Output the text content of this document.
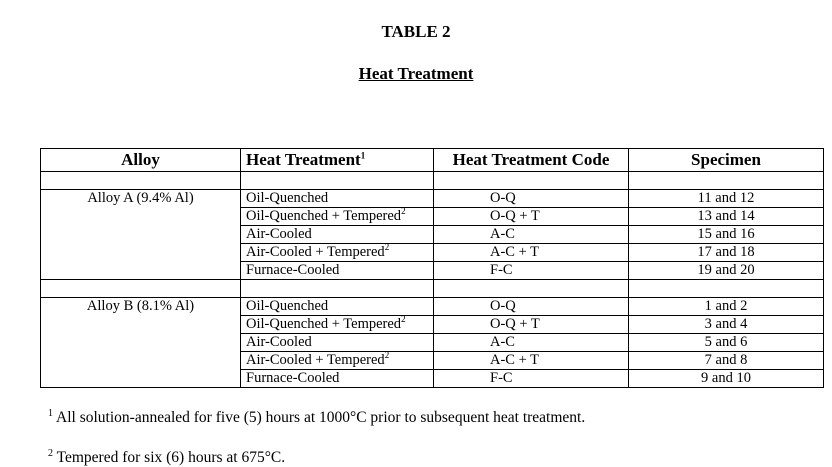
TABLE 2
Heat Treatment
Alloy	Heat Treatment$^1$	Heat Treatment Code	Specimen

Alloy A (9.4% Al)	Oil-Quenched	O-Q	11 and 12
	Oil-Quenched + Tempered$^2$	O-Q + T	13 and 14
	Air-Cooled	A-C	15 and 16
	Air-Cooled + Tempered$^2$	A-C + T	17 and 18
	Furnace-Cooled	F-C	19 and 20

Alloy B (8.1% Al)	Oil-Quenched	O-Q	1 and 2
	Oil-Quenched + Tempered$^2$	O-Q + T	3 and 4
	Air-Cooled	A-C	5 and 6
	Air-Cooled + Tempered$^2$	A-C + T	7 and 8
	Furnace-Cooled	F-C	9 and 10
$^1$ All solution-annealed for five (5) hours at 1000°C prior to subsequent heat treatment.
$^2$ Tempered for six (6) hours at 675°C.
